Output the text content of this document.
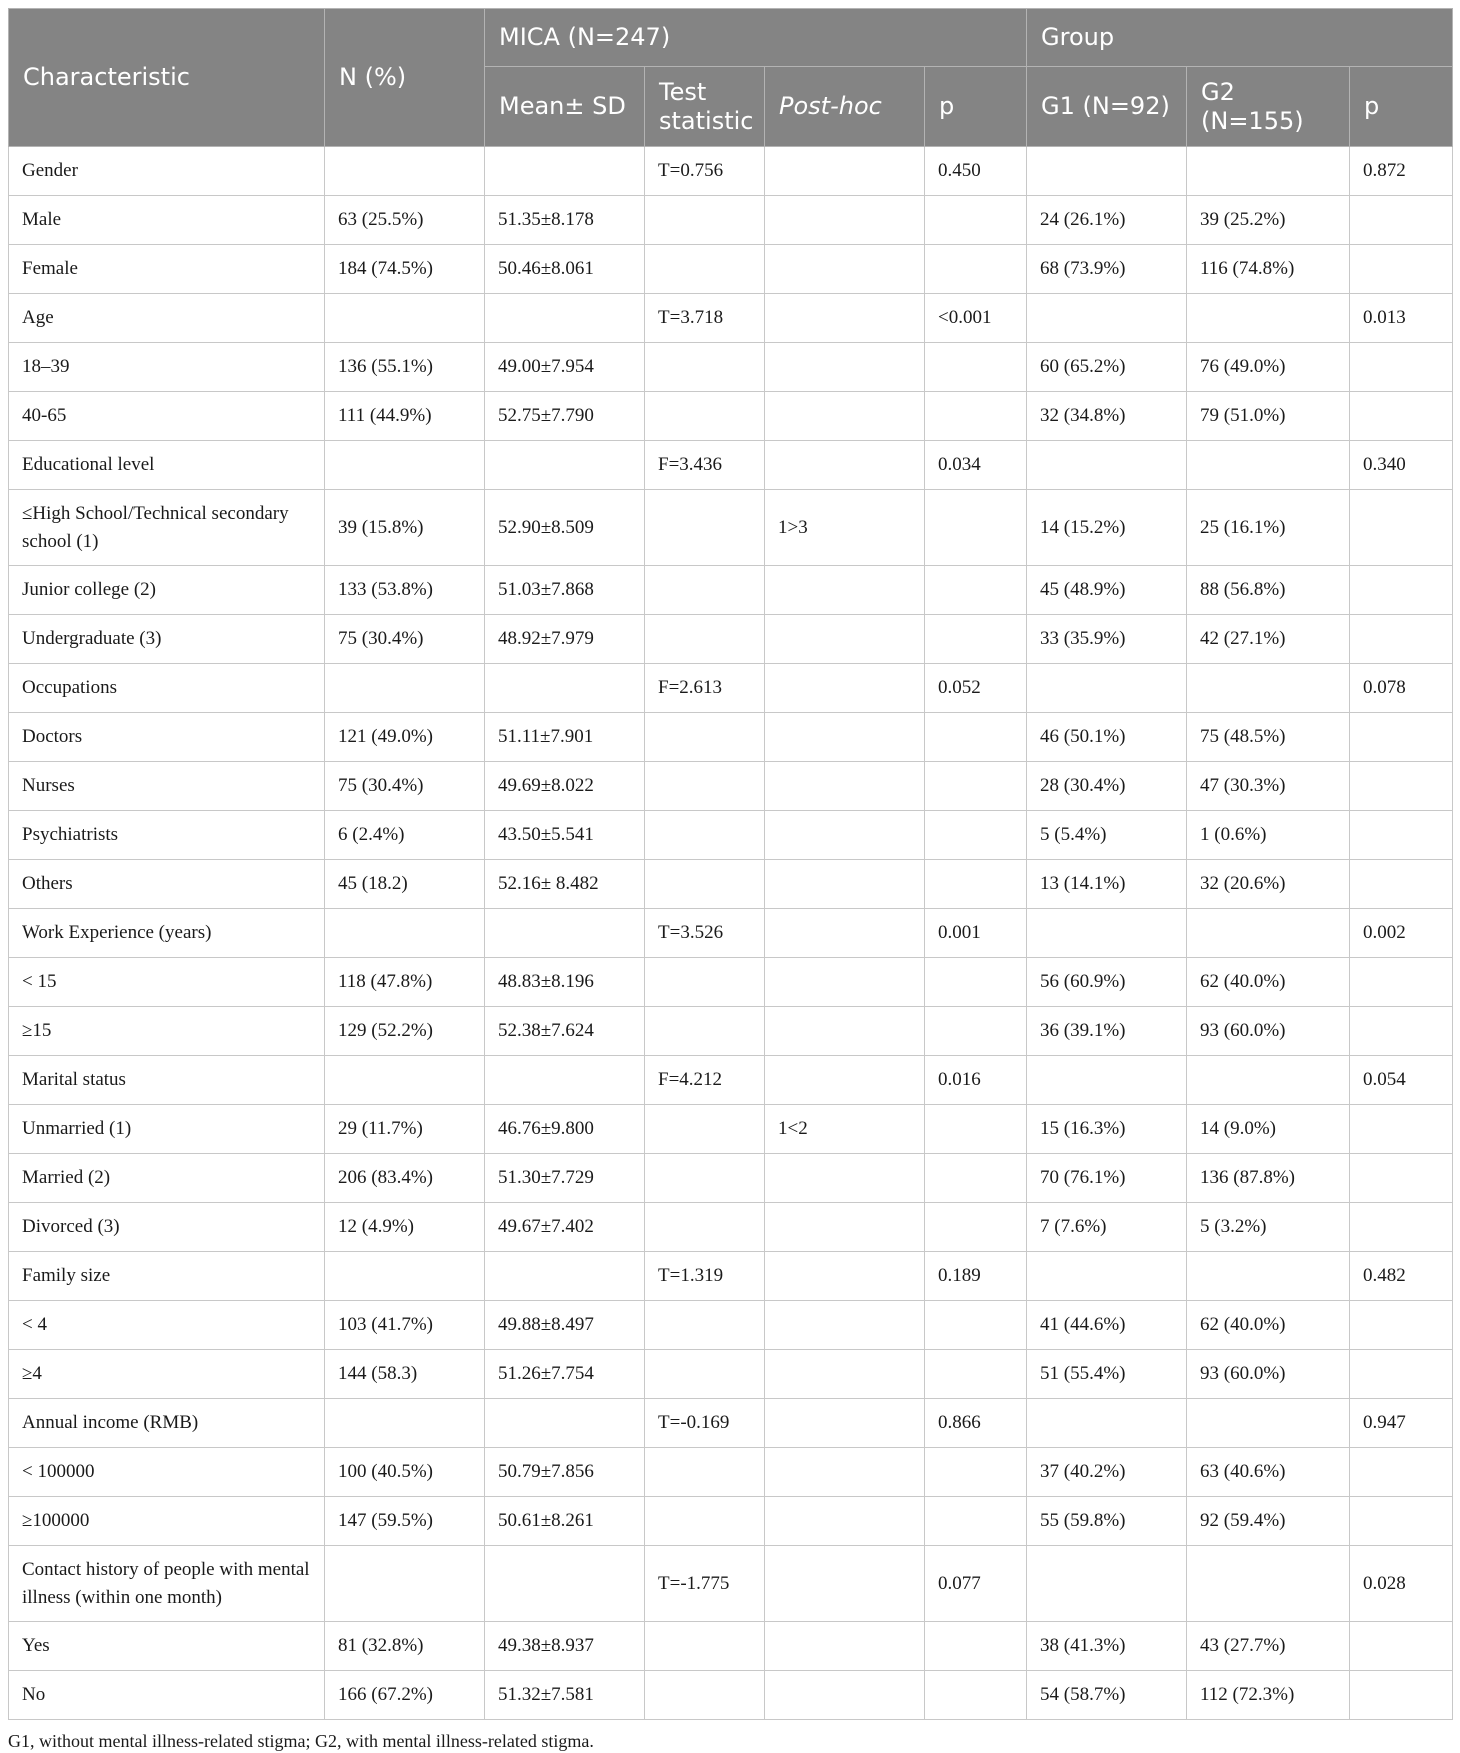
Characteristic	N (%)	MICA (N=247)				Group		
		Mean± SD	Test statistic	Post-hoc	p	G1 (N=92)	G2 (N=155)	p
Gender			T=0.756		0.450			0.872
Male	63 (25.5%)	51.35±8.178				24 (26.1%)	39 (25.2%)	
Female	184 (74.5%)	50.46±8.061				68 (73.9%)	116 (74.8%)	
Age			T=3.718		<0.001			0.013
18–39	136 (55.1%)	49.00±7.954				60 (65.2%)	76 (49.0%)	
40-65	111 (44.9%)	52.75±7.790				32 (34.8%)	79 (51.0%)	
Educational level			F=3.436		0.034			0.340
≤High School/Technical secondary school (1)	39 (15.8%)	52.90±8.509		1>3		14 (15.2%)	25 (16.1%)	
Junior college (2)	133 (53.8%)	51.03±7.868				45 (48.9%)	88 (56.8%)	
Undergraduate (3)	75 (30.4%)	48.92±7.979				33 (35.9%)	42 (27.1%)	
Occupations			F=2.613		0.052			0.078
Doctors	121 (49.0%)	51.11±7.901				46 (50.1%)	75 (48.5%)	
Nurses	75 (30.4%)	49.69±8.022				28 (30.4%)	47 (30.3%)	
Psychiatrists	6 (2.4%)	43.50±5.541				5 (5.4%)	1 (0.6%)	
Others	45 (18.2)	52.16± 8.482				13 (14.1%)	32 (20.6%)	
Work Experience (years)			T=3.526		0.001			0.002
< 15	118 (47.8%)	48.83±8.196				56 (60.9%)	62 (40.0%)	
≥15	129 (52.2%)	52.38±7.624				36 (39.1%)	93 (60.0%)	
Marital status			F=4.212		0.016			0.054
Unmarried (1)	29 (11.7%)	46.76±9.800		1<2		15 (16.3%)	14 (9.0%)	
Married (2)	206 (83.4%)	51.30±7.729				70 (76.1%)	136 (87.8%)	
Divorced (3)	12 (4.9%)	49.67±7.402				7 (7.6%)	5 (3.2%)	
Family size			T=1.319		0.189			0.482
< 4	103 (41.7%)	49.88±8.497				41 (44.6%)	62 (40.0%)	
≥4	144 (58.3)	51.26±7.754				51 (55.4%)	93 (60.0%)	
Annual income (RMB)			T=-0.169		0.866			0.947
< 100000	100 (40.5%)	50.79±7.856				37 (40.2%)	63 (40.6%)	
≥100000	147 (59.5%)	50.61±8.261				55 (59.8%)	92 (59.4%)	
Contact history of people with mental illness (within one month)			T=-1.775		0.077			0.028
Yes	81 (32.8%)	49.38±8.937				38 (41.3%)	43 (27.7%)	
No	166 (67.2%)	51.32±7.581				54 (58.7%)	112 (72.3%)	

G1, without mental illness-related stigma; G2, with mental illness-related stigma.
